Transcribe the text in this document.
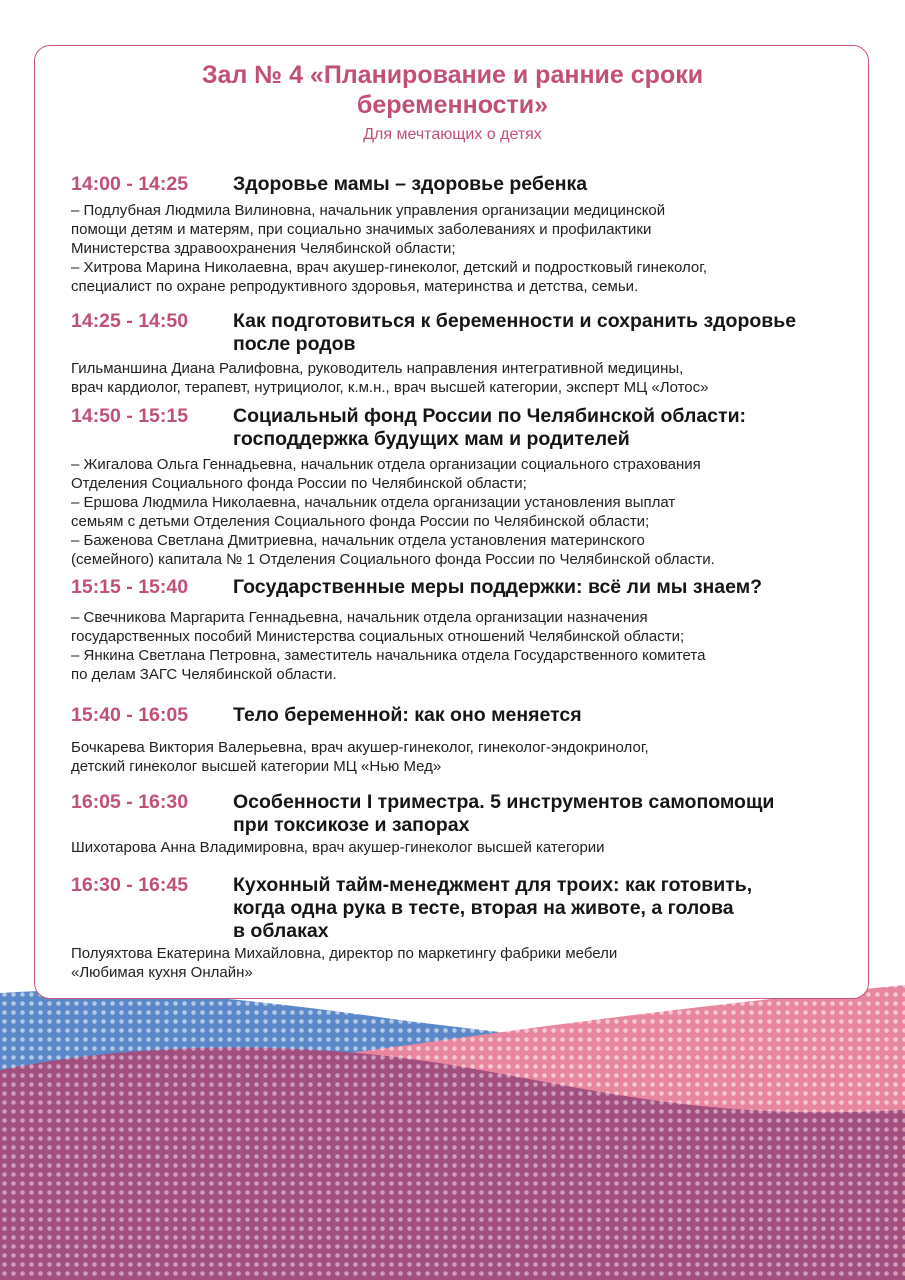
Зал № 4 «Планирование и ранние сроки
беременности»
Для мечтающих о детях
14:00 - 14:25	Здоровье мамы – здоровье ребенка
– Подлубная Людмила Вилиновна, начальник управления организации медицинской
помощи детям и матерям, при социально значимых заболеваниях и профилактики
Министерства здравоохранения Челябинской области;
– Хитрова Марина Николаевна, врач акушер-гинеколог, детский и подростковый гинеколог,
специалист по охране репродуктивного здоровья, материнства и детства, семьи.
14:25 - 14:50	Как подготовиться к беременности и сохранить здоровье
после родов
Гильманшина Диана Ралифовна, руководитель направления интегративной медицины,
врач кардиолог, терапевт, нутрициолог, к.м.н., врач высшей категории, эксперт МЦ «Лотос»
14:50 - 15:15	Социальный фонд России по Челябинской области:
господдержка будущих мам и родителей
– Жигалова Ольга Геннадьевна, начальник отдела организации социального страхования
Отделения Социального фонда России по Челябинской области;
– Ершова Людмила Николаевна, начальник отдела организации установления выплат
семьям с детьми Отделения Социального фонда России по Челябинской области;
– Баженова Светлана Дмитриевна, начальник отдела установления материнского
(семейного) капитала № 1 Отделения Социального фонда России по Челябинской области.
15:15 - 15:40	Государственные меры поддержки: всё ли мы знаем?
– Свечникова Маргарита Геннадьевна, начальник отдела организации назначения
государственных пособий Министерства социальных отношений Челябинской области;
– Янкина Светлана Петровна, заместитель начальника отдела Государственного комитета
по делам ЗАГС Челябинской области.
15:40 - 16:05	Тело беременной: как оно меняется
Бочкарева Виктория Валерьевна, врач акушер-гинеколог, гинеколог-эндокринолог,
детский гинеколог высшей категории МЦ «Нью Мед»
16:05 - 16:30	Особенности I триместра. 5 инструментов самопомощи
при токсикозе и запорах
Шихотарова Анна Владимировна, врач акушер-гинеколог высшей категории
16:30 - 16:45	Кухонный тайм-менеджмент для троих: как готовить,
когда одна рука в тесте, вторая на животе, а голова
в облаках
Полуяхтова Екатерина Михайловна, директор по маркетингу фабрики мебели
«Любимая кухня Онлайн»
